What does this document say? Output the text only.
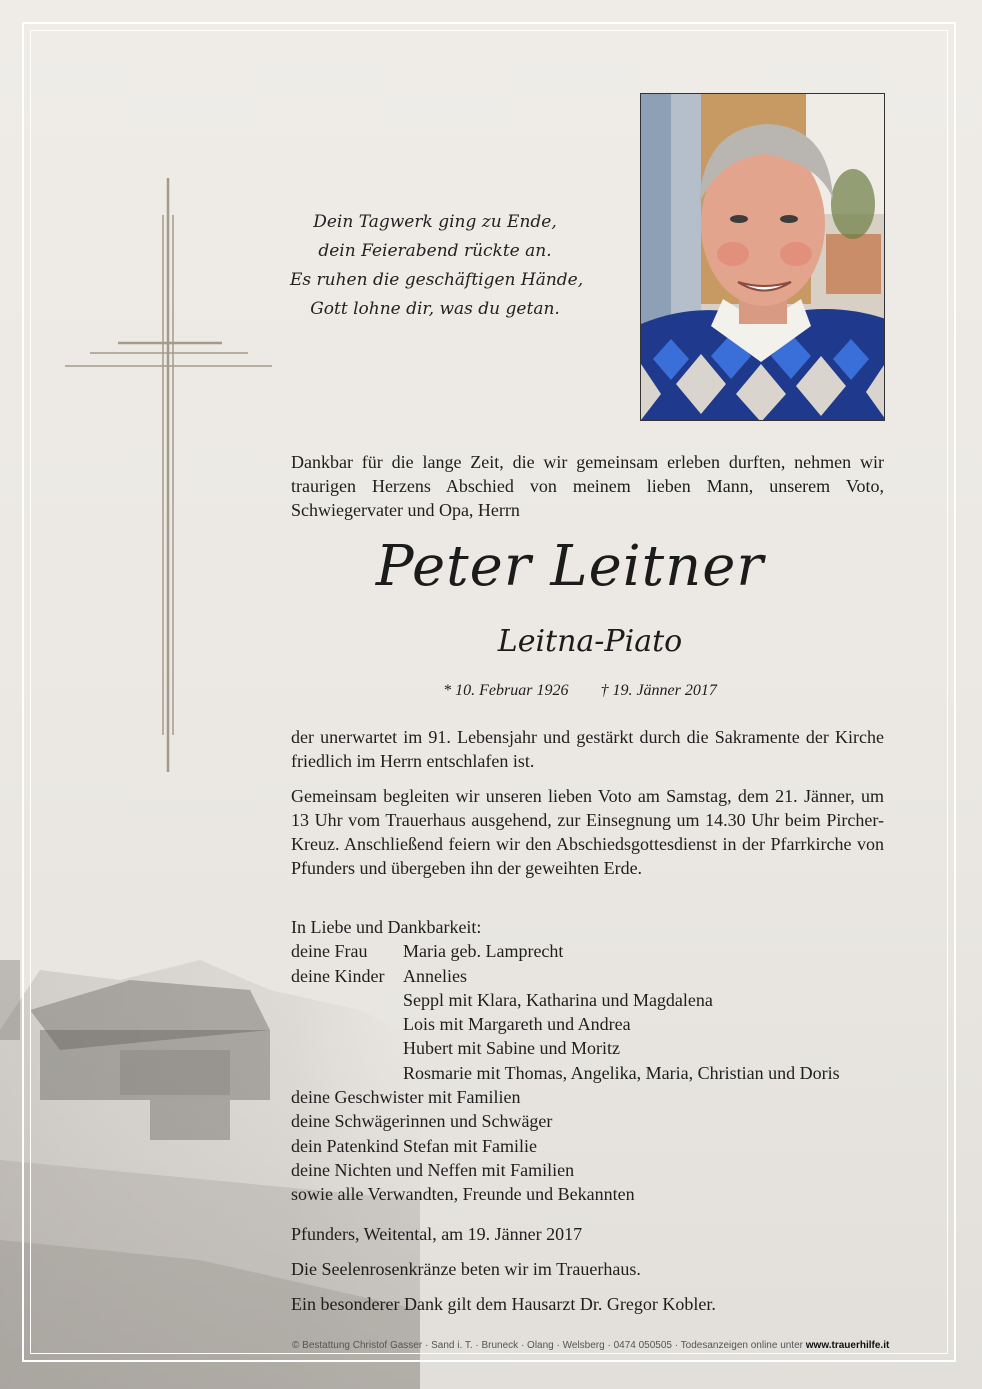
Dein Tagwerk ging zu Ende,
dein Feierabend rückte an.
Es ruhen die geschäftigen Hände,
Gott lohne dir, was du getan.
Dankbar für die lange Zeit, die wir gemeinsam erleben durften, nehmen wir traurigen Herzens Abschied von meinem lieben Mann, unserem Voto, Schwiegervater und Opa, Herrn
Peter Leitner
Leitna-Piato
* 10. Februar 1926 † 19. Jänner 2017
der unerwartet im 91. Lebensjahr und gestärkt durch die Sakramente der Kirche friedlich im Herrn entschlafen ist.
Gemeinsam begleiten wir unseren lieben Voto am Samstag, dem 21. Jänner, um 13 Uhr vom Trauerhaus ausgehend, zur Einsegnung um 14.30 Uhr beim Pircher-Kreuz. Anschließend feiern wir den Abschiedsgottesdienst in der Pfarrkirche von Pfunders und übergeben ihn der geweihten Erde.
In Liebe und Dankbarkeit:
deine Frau Maria geb. Lamprecht
deine Kinder Annelies
Seppl mit Klara, Katharina und Magdalena
Lois mit Margareth und Andrea
Hubert mit Sabine und Moritz
Rosmarie mit Thomas, Angelika, Maria, Christian und Doris
deine Geschwister mit Familien
deine Schwägerinnen und Schwäger
dein Patenkind Stefan mit Familie
deine Nichten und Neffen mit Familien
sowie alle Verwandten, Freunde und Bekannten
Pfunders, Weitental, am 19. Jänner 2017
Die Seelenrosenkränze beten wir im Trauerhaus.
Ein besonderer Dank gilt dem Hausarzt Dr. Gregor Kobler.
© Bestattung Christof Gasser · Sand i. T. · Bruneck · Olang · Welsberg · 0474 050505 · Todesanzeigen online unter www.trauerhilfe.it
